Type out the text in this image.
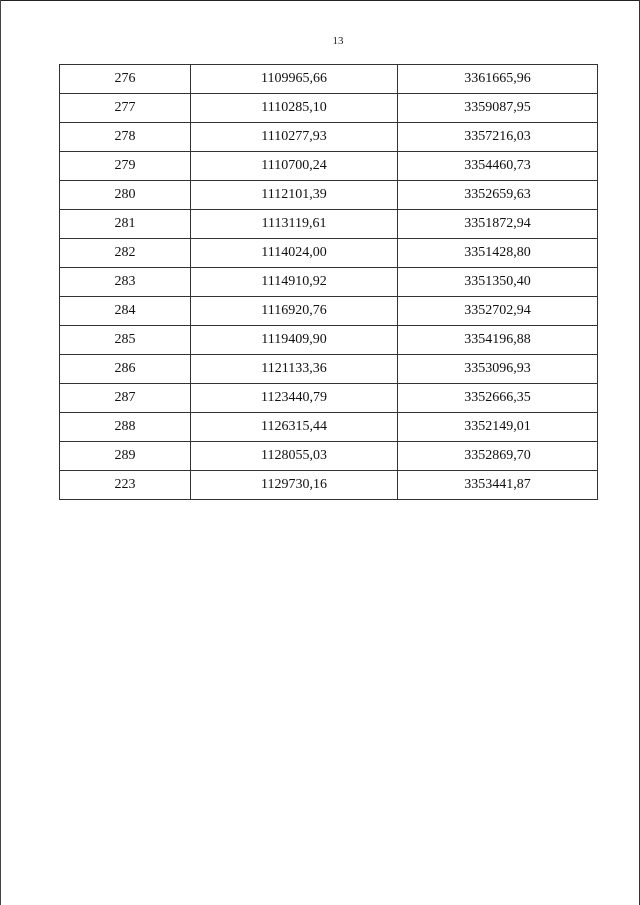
13
276	1109965,66	3361665,96
277	1110285,10	3359087,95
278	1110277,93	3357216,03
279	1110700,24	3354460,73
280	1112101,39	3352659,63
281	1113119,61	3351872,94
282	1114024,00	3351428,80
283	1114910,92	3351350,40
284	1116920,76	3352702,94
285	1119409,90	3354196,88
286	1121133,36	3353096,93
287	1123440,79	3352666,35
288	1126315,44	3352149,01
289	1128055,03	3352869,70
223	1129730,16	3353441,87
